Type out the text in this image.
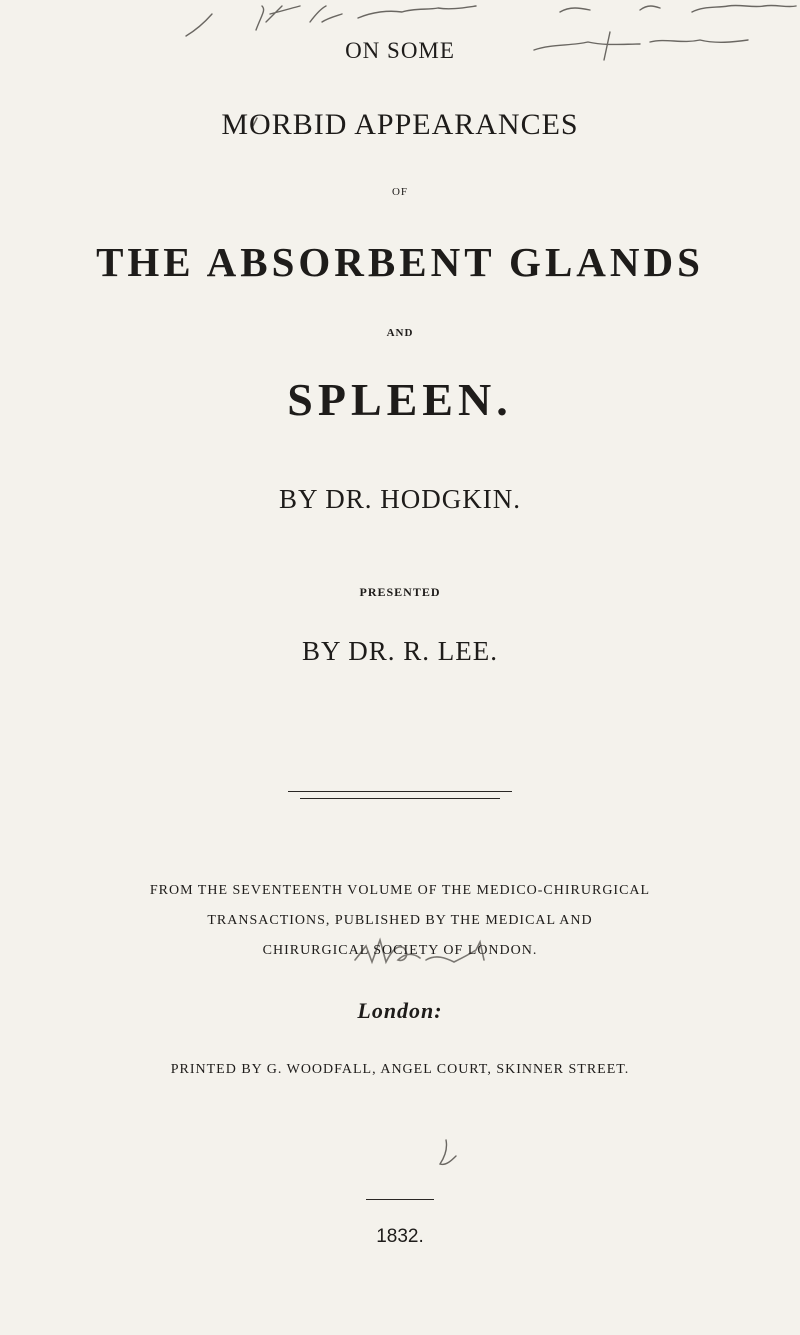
ON SOME
MORBID APPEARANCES
OF
THE ABSORBENT GLANDS
AND
SPLEEN.
BY DR. HODGKIN.
PRESENTED
BY DR. R. LEE.
FROM THE SEVENTEENTH VOLUME OF THE MEDICO-CHIRURGICAL
TRANSACTIONS, PUBLISHED BY THE MEDICAL AND
CHIRURGICAL SOCIETY OF LONDON.
London:
PRINTED BY G. WOODFALL, ANGEL COURT, SKINNER STREET.
1832.
